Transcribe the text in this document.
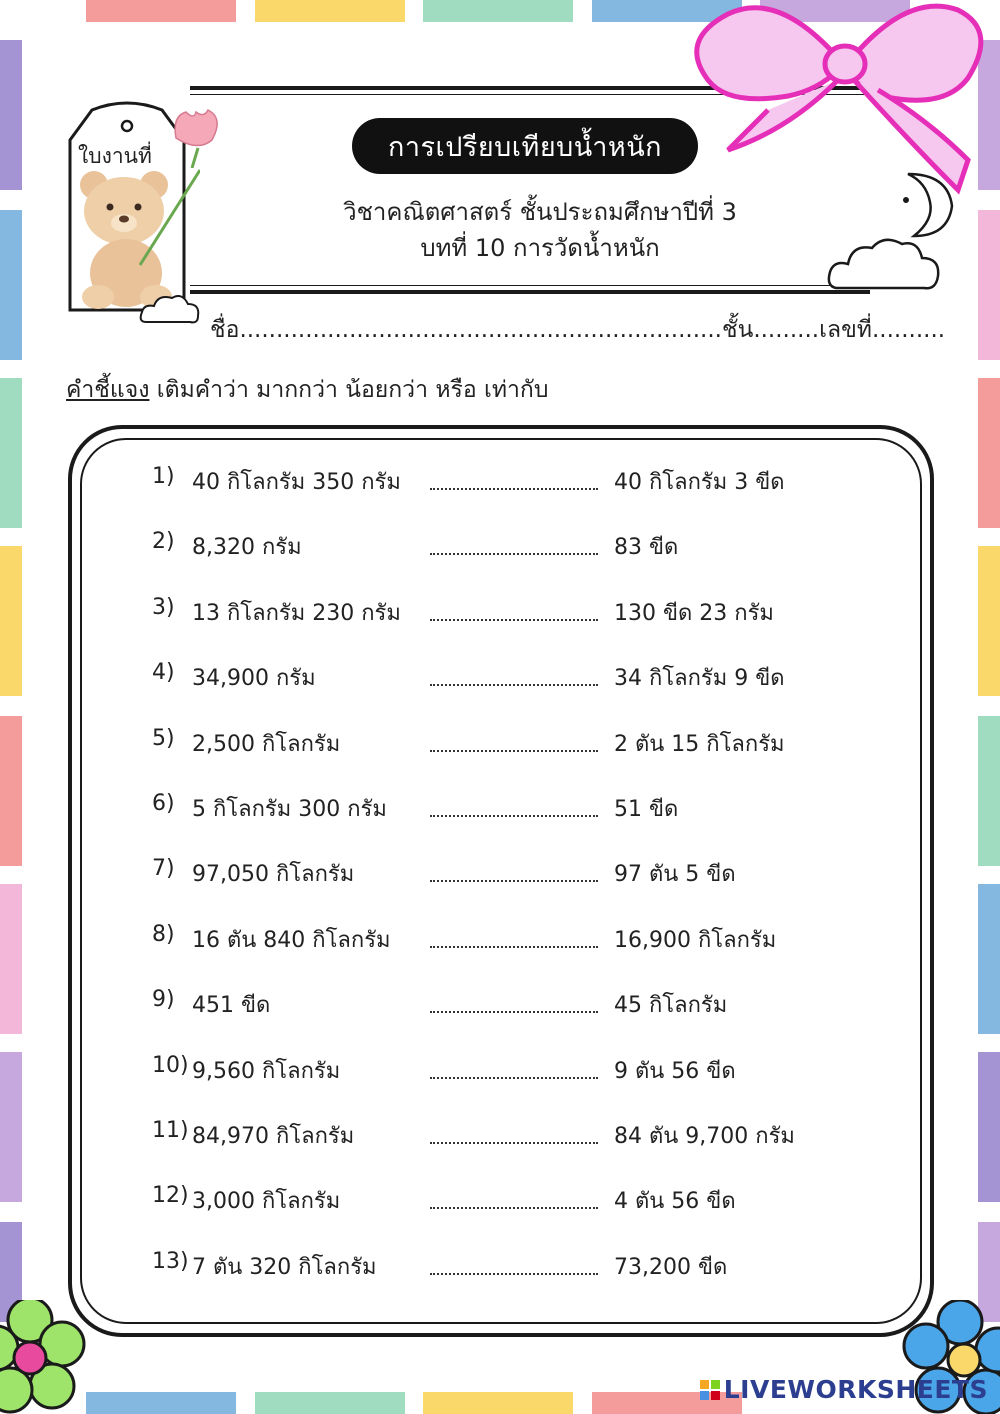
ใบงานที่	การเปรียบเทียบน้ำหนัก
วิชาคณิตศาสตร์ ชั้นประถมศึกษาปีที่ 3
บทที่ 10 การวัดน้ำหนัก
ชื่อ..................................................................ชั้น.........เลขที่..........
คำชี้แจง เติมคำว่า มากกว่า น้อยกว่า หรือ เท่ากับ
1) 40 กิโลกรัม 350 กรัม	40 กิโลกรัม 3 ขีด
2) 8,320 กรัม	83 ขีด
3) 13 กิโลกรัม 230 กรัม	130 ขีด 23 กรัม
4) 34,900 กรัม	34 กิโลกรัม 9 ขีด
5) 2,500 กิโลกรัม	2 ตัน 15 กิโลกรัม
6) 5 กิโลกรัม 300 กรัม	51 ขีด
7) 97,050 กิโลกรัม	97 ตัน 5 ขีด
8) 16 ตัน 840 กิโลกรัม	16,900 กิโลกรัม
9) 451 ขีด	45 กิโลกรัม
10) 9,560 กิโลกรัม	9 ตัน 56 ขีด
11) 84,970 กิโลกรัม	84 ตัน 9,700 กรัม
12) 3,000 กิโลกรัม	4 ตัน 56 ขีด
13) 7 ตัน 320 กิโลกรัม	73,200 ขีด
LIVEWORKSHEETS
